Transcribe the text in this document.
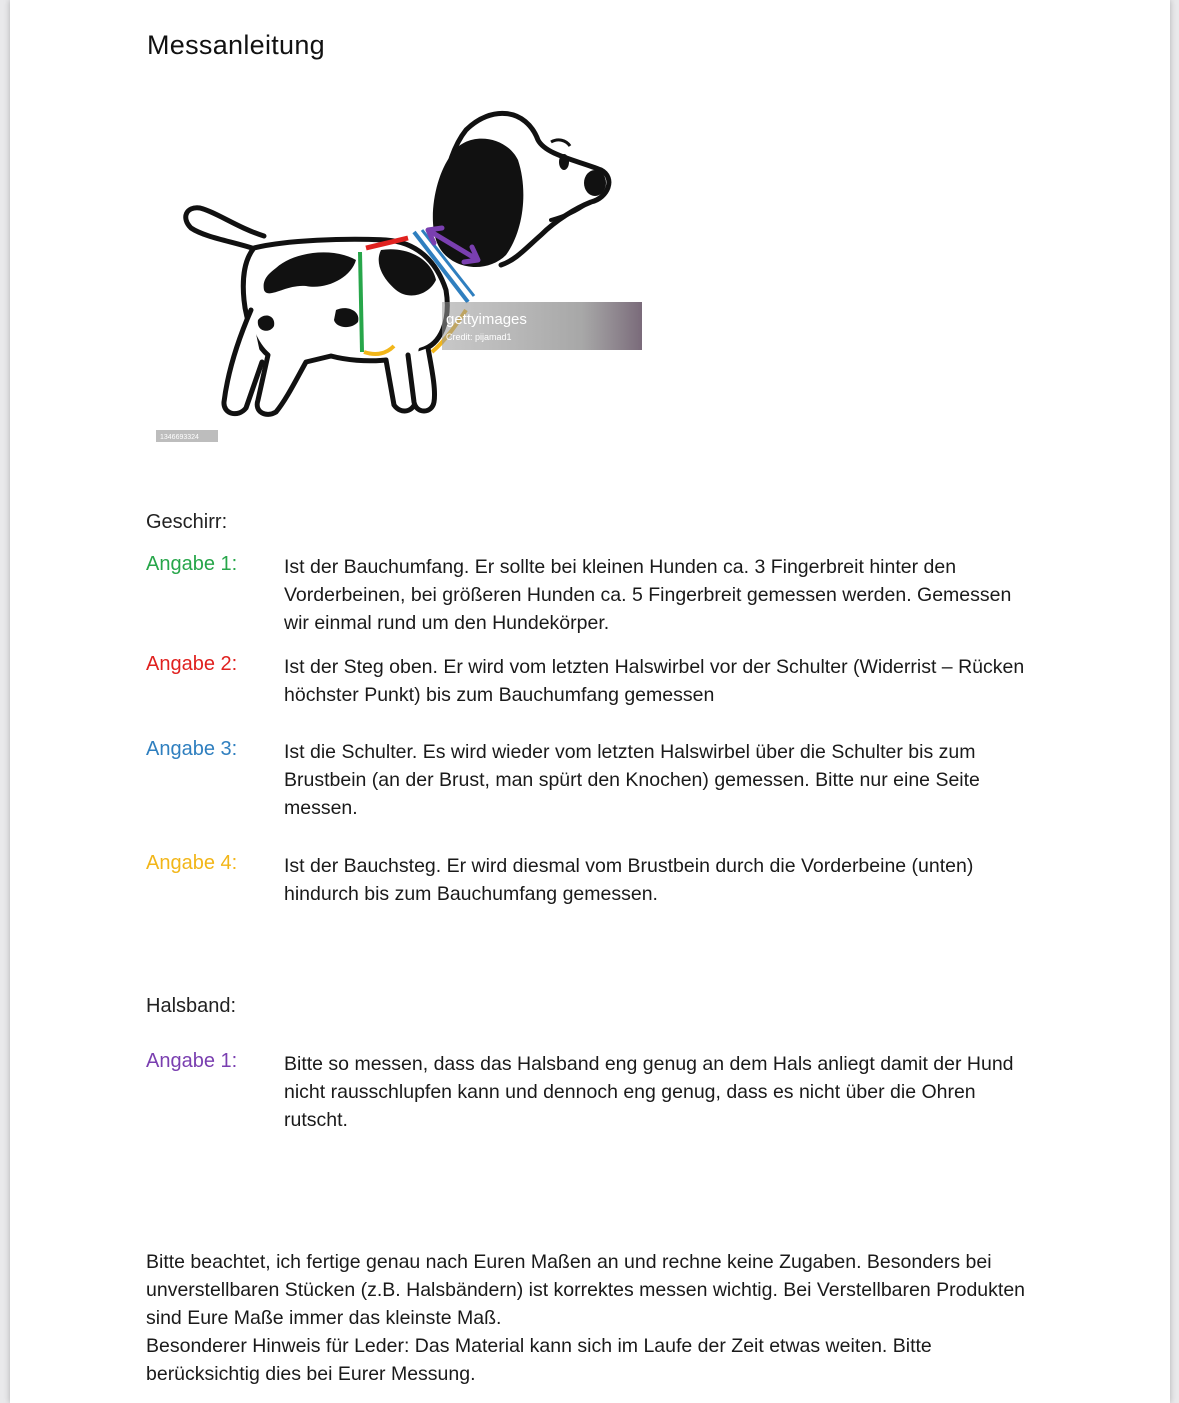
Messanleitung
gettyimages
Credit: pijamad1
1346693324
Geschirr:
Angabe 1: Ist der Bauchumfang. Er sollte bei kleinen Hunden ca. 3 Fingerbreit hinter den Vorderbeinen, bei größeren Hunden ca. 5 Fingerbreit gemessen werden. Gemessen wir einmal rund um den Hundekörper.
Angabe 2: Ist der Steg oben. Er wird vom letzten Halswirbel vor der Schulter (Widerrist – Rücken höchster Punkt) bis zum Bauchumfang gemessen
Angabe 3: Ist die Schulter. Es wird wieder vom letzten Halswirbel über die Schulter bis zum Brustbein (an der Brust, man spürt den Knochen) gemessen. Bitte nur eine Seite messen.
Angabe 4: Ist der Bauchsteg. Er wird diesmal vom Brustbein durch die Vorderbeine (unten) hindurch bis zum Bauchumfang gemessen.
Halsband:
Angabe 1: Bitte so messen, dass das Halsband eng genug an dem Hals anliegt damit der Hund nicht rausschlupfen kann und dennoch eng genug, dass es nicht über die Ohren rutscht.
Bitte beachtet, ich fertige genau nach Euren Maßen an und rechne keine Zugaben. Besonders bei unverstellbaren Stücken (z.B. Halsbändern) ist korrektes messen wichtig. Bei Verstellbaren Produkten sind Eure Maße immer das kleinste Maß.
Besonderer Hinweis für Leder: Das Material kann sich im Laufe der Zeit etwas weiten. Bitte berücksichtig dies bei Eurer Messung.
